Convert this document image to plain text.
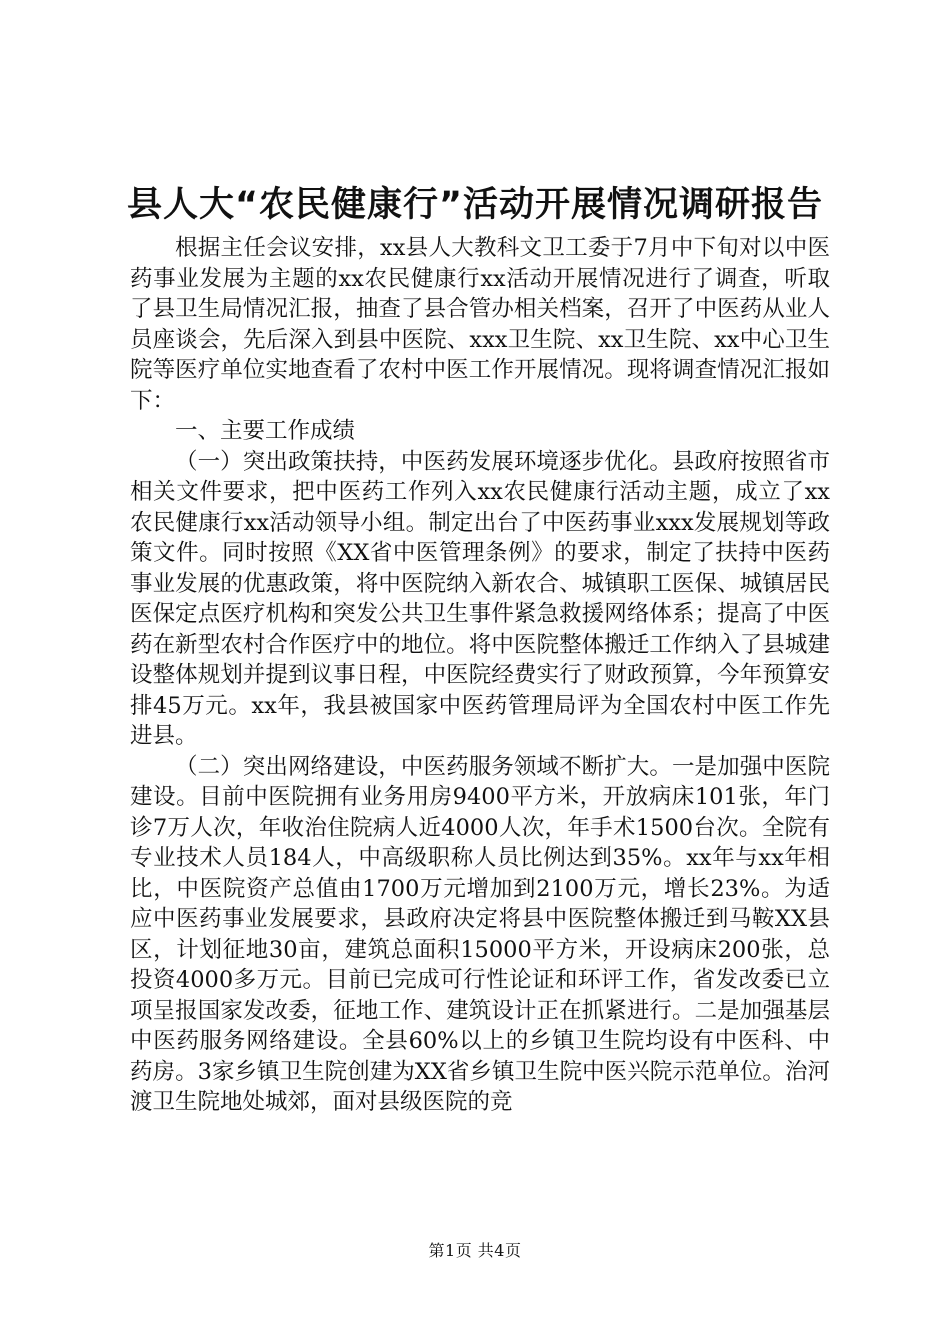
县人大“农民健康行”活动开展情况调研报告

根据主任会议安排，xx县人大教科文卫工委于7月中下旬对以中医药事业发展为主题的xx农民健康行xx活动开展情况进行了调查，听取了县卫生局情况汇报，抽查了县合管办相关档案，召开了中医药从业人员座谈会，先后深入到县中医院、xxx卫生院、xx卫生院、xx中心卫生院等医疗单位实地查看了农村中医工作开展情况。现将调查情况汇报如下：

一、主要工作成绩

（一）突出政策扶持，中医药发展环境逐步优化。县政府按照省市相关文件要求，把中医药工作列入xx农民健康行活动主题，成立了xx农民健康行xx活动领导小组。制定出台了中医药事业xxx发展规划等政策文件。同时按照《XX省中医管理条例》的要求，制定了扶持中医药事业发展的优惠政策，将中医院纳入新农合、城镇职工医保、城镇居民医保定点医疗机构和突发公共卫生事件紧急救援网络体系；提高了中医药在新型农村合作医疗中的地位。将中医院整体搬迁工作纳入了县城建设整体规划并提到议事日程，中医院经费实行了财政预算，今年预算安排45万元。xx年，我县被国家中医药管理局评为全国农村中医工作先进县。

（二）突出网络建设，中医药服务领域不断扩大。一是加强中医院建设。目前中医院拥有业务用房9400平方米，开放病床101张，年门诊7万人次，年收治住院病人近4000人次，年手术1500台次。全院有专业技术人员184人，中高级职称人员比例达到35%。xx年与xx年相比，中医院资产总值由1700万元增加到2100万元，增长23%。为适应中医药事业发展要求，县政府决定将县中医院整体搬迁到马鞍XX县区，计划征地30亩，建筑总面积15000平方米，开设病床200张，总投资4000多万元。目前已完成可行性论证和环评工作，省发改委已立项呈报国家发改委，征地工作、建筑设计正在抓紧进行。二是加强基层中医药服务网络建设。全县60%以上的乡镇卫生院均设有中医科、中药房。3家乡镇卫生院创建为XX省乡镇卫生院中医兴院示范单位。治河渡卫生院地处城郊，面对县级医院的竞

第1页 共4页
